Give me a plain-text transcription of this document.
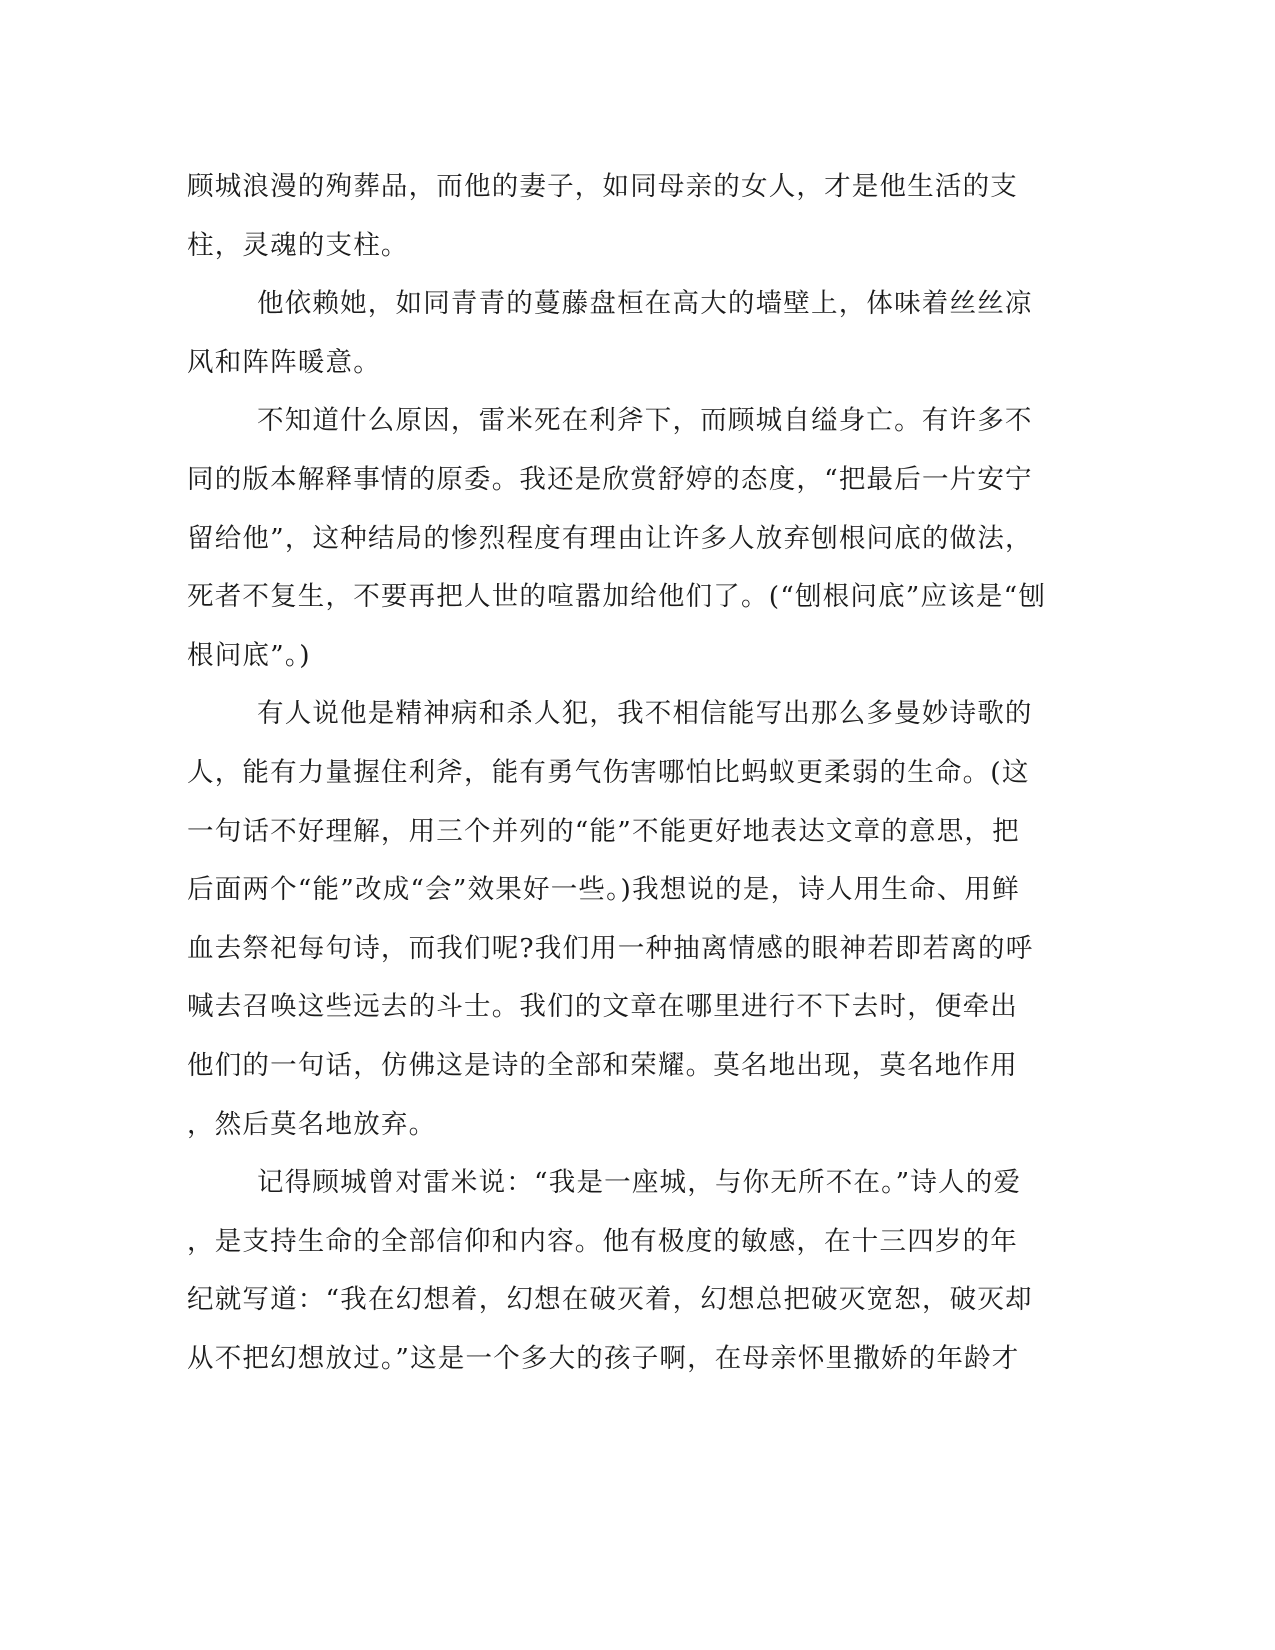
顾城浪漫的殉葬品，而他的妻子，如同母亲的女人，才是他生活的支
柱，灵魂的支柱。
他依赖她，如同青青的蔓藤盘桓在高大的墙壁上，体味着丝丝凉
风和阵阵暖意。
不知道什么原因，雷米死在利斧下，而顾城自缢身亡。有许多不
同的版本解释事情的原委。我还是欣赏舒婷的态度，“把最后一片安宁
留给他”，这种结局的惨烈程度有理由让许多人放弃刨根问底的做法，
死者不复生，不要再把人世的喧嚣加给他们了。(“刨根问底”应该是“刨
根问底”。)
有人说他是精神病和杀人犯，我不相信能写出那么多曼妙诗歌的
人，能有力量握住利斧，能有勇气伤害哪怕比蚂蚁更柔弱的生命。(这
一句话不好理解，用三个并列的“能”不能更好地表达文章的意思，把
后面两个“能”改成“会”效果好一些。)我想说的是，诗人用生命、用鲜
血去祭祀每句诗，而我们呢?我们用一种抽离情感的眼神若即若离的呼
喊去召唤这些远去的斗士。我们的文章在哪里进行不下去时，便牵出
他们的一句话，仿佛这是诗的全部和荣耀。莫名地出现，莫名地作用
，然后莫名地放弃。
记得顾城曾对雷米说：“我是一座城，与你无所不在。”诗人的爱
，是支持生命的全部信仰和内容。他有极度的敏感，在十三四岁的年
纪就写道：“我在幻想着，幻想在破灭着，幻想总把破灭宽恕，破灭却
从不把幻想放过。”这是一个多大的孩子啊，在母亲怀里撒娇的年龄才
